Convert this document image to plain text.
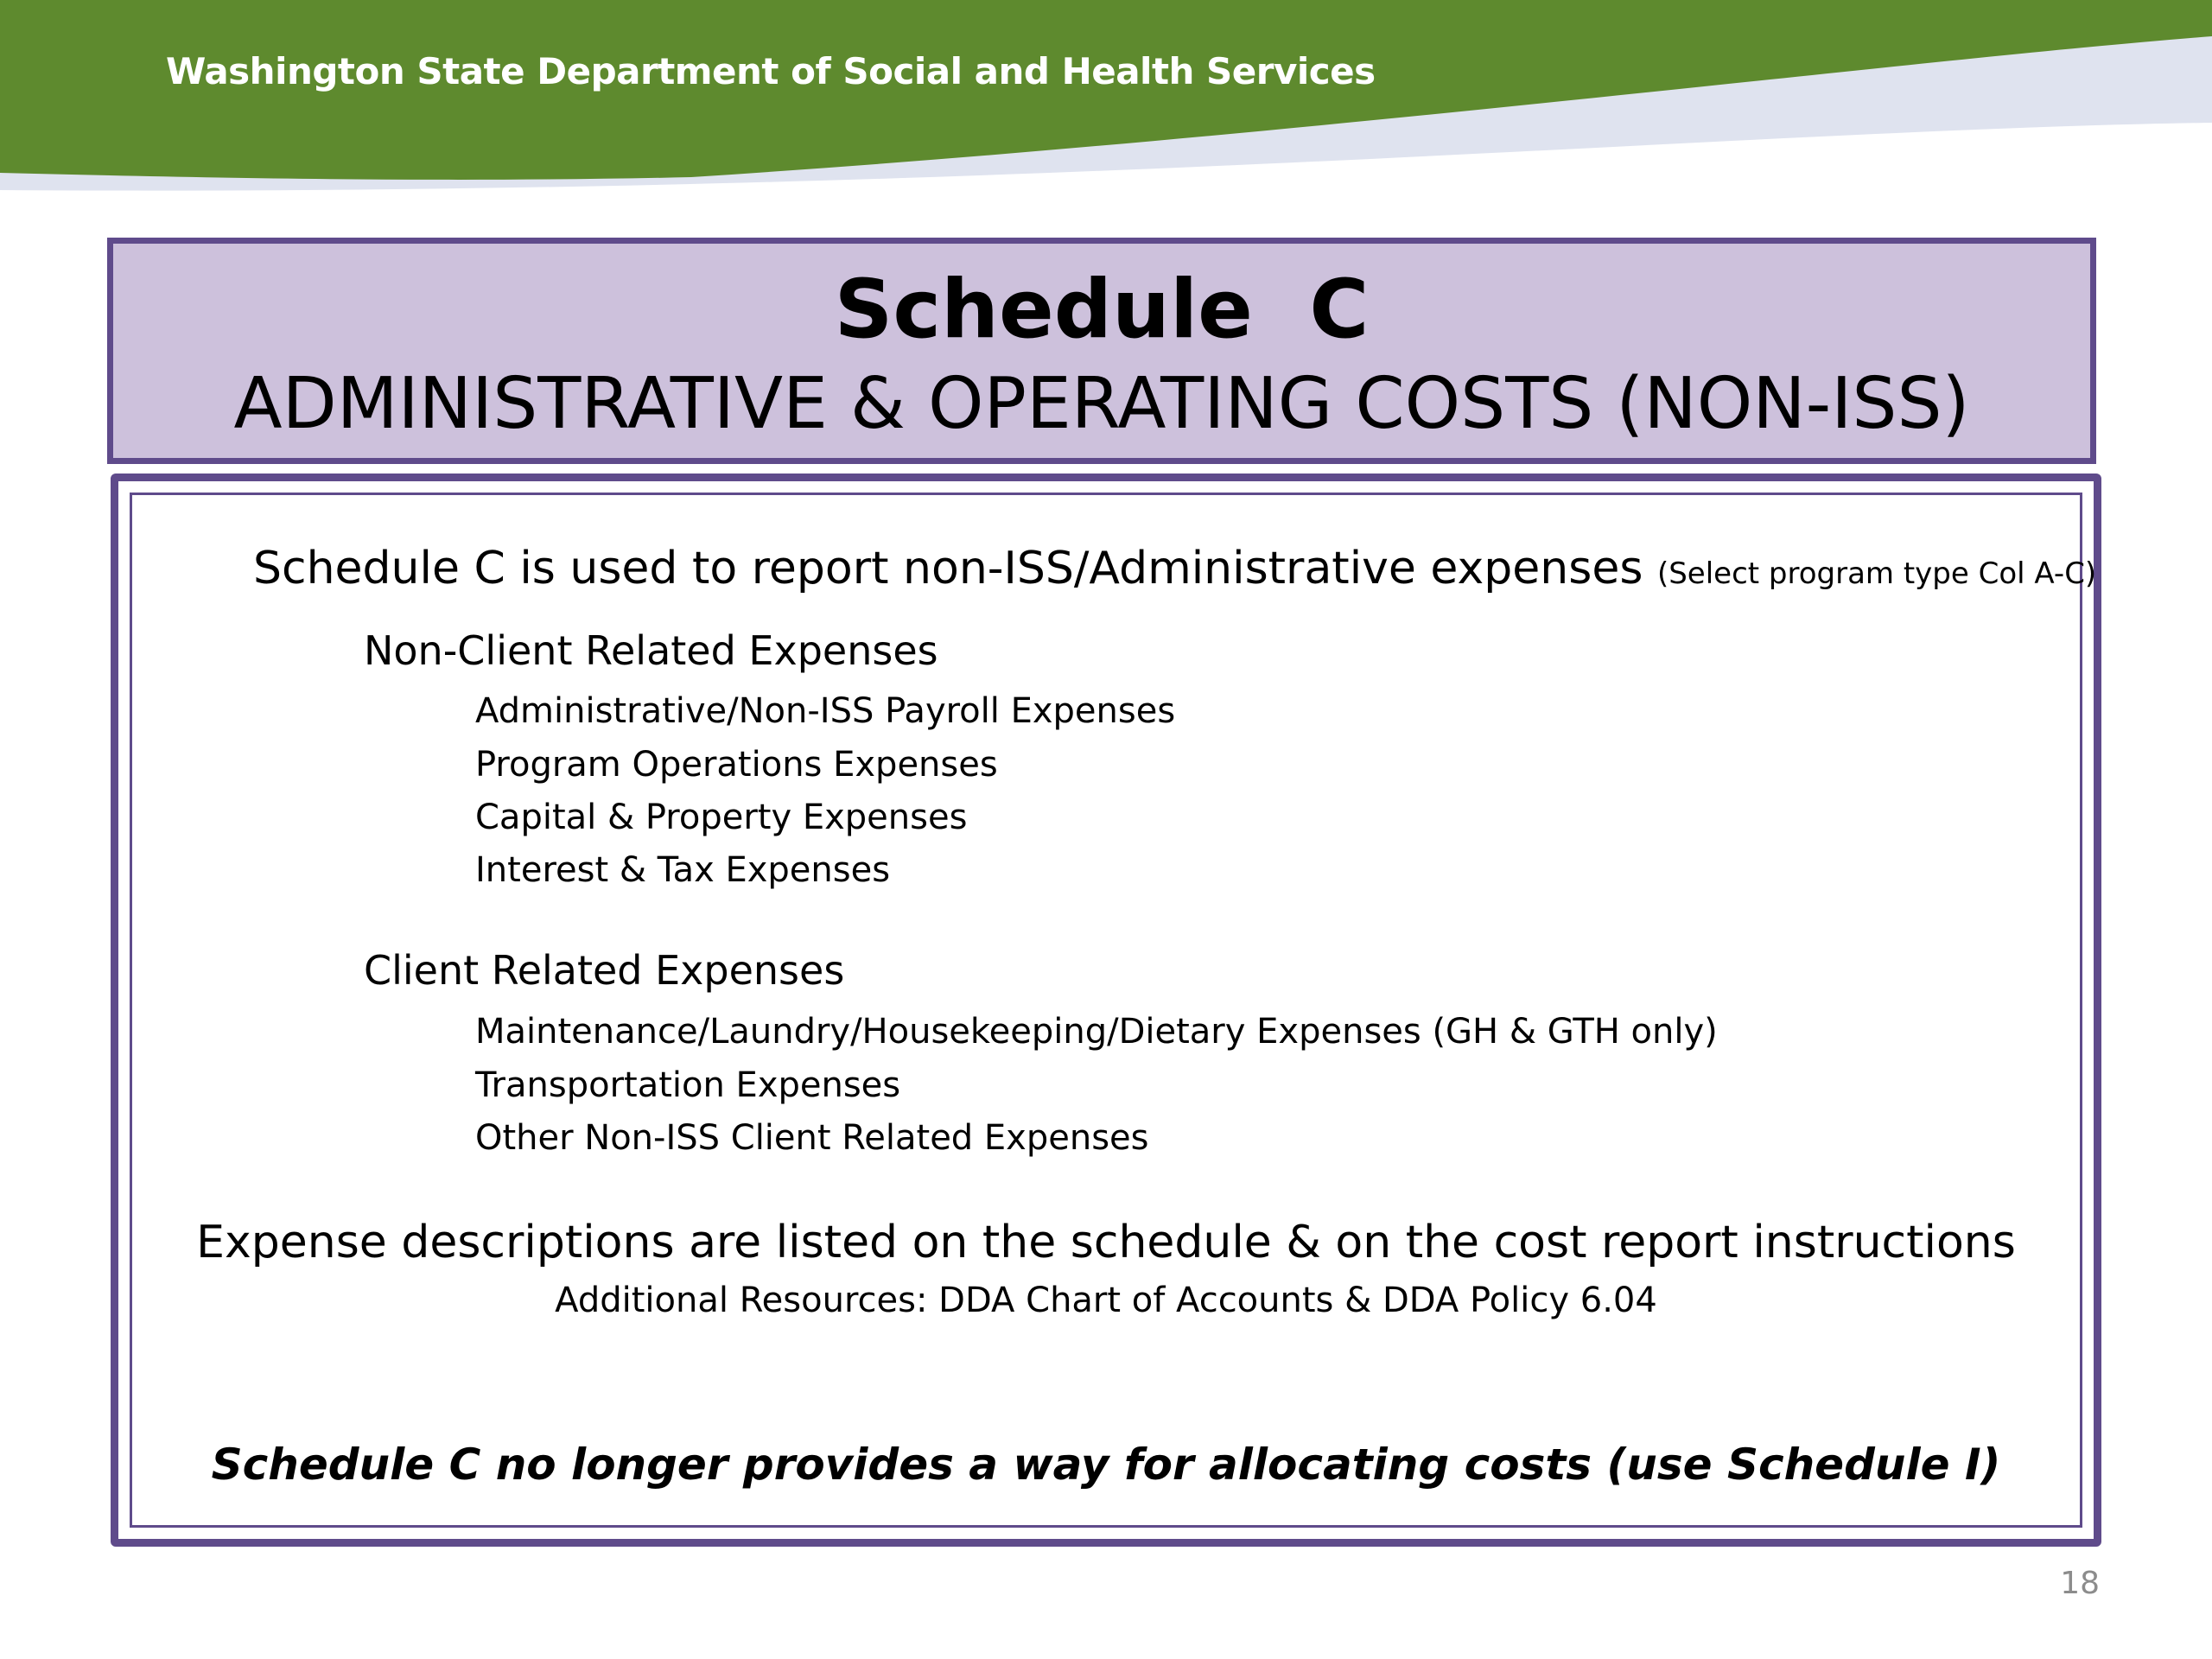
Washington State Department of Social and Health Services
Schedule  C
ADMINISTRATIVE & OPERATING COSTS (NON-ISS)
Schedule C is used to report non-ISS/Administrative expenses (Select program type Col A-C)
Non-Client Related Expenses
Administrative/Non-ISS Payroll Expenses
Program Operations Expenses
Capital & Property Expenses
Interest & Tax Expenses
Client Related Expenses
Maintenance/Laundry/Housekeeping/Dietary Expenses (GH & GTH only)
Transportation Expenses
Other Non-ISS Client Related Expenses
Expense descriptions are listed on the schedule & on the cost report instructions
Additional Resources: DDA Chart of Accounts & DDA Policy 6.04
Schedule C no longer provides a way for allocating costs (use Schedule I)
18
